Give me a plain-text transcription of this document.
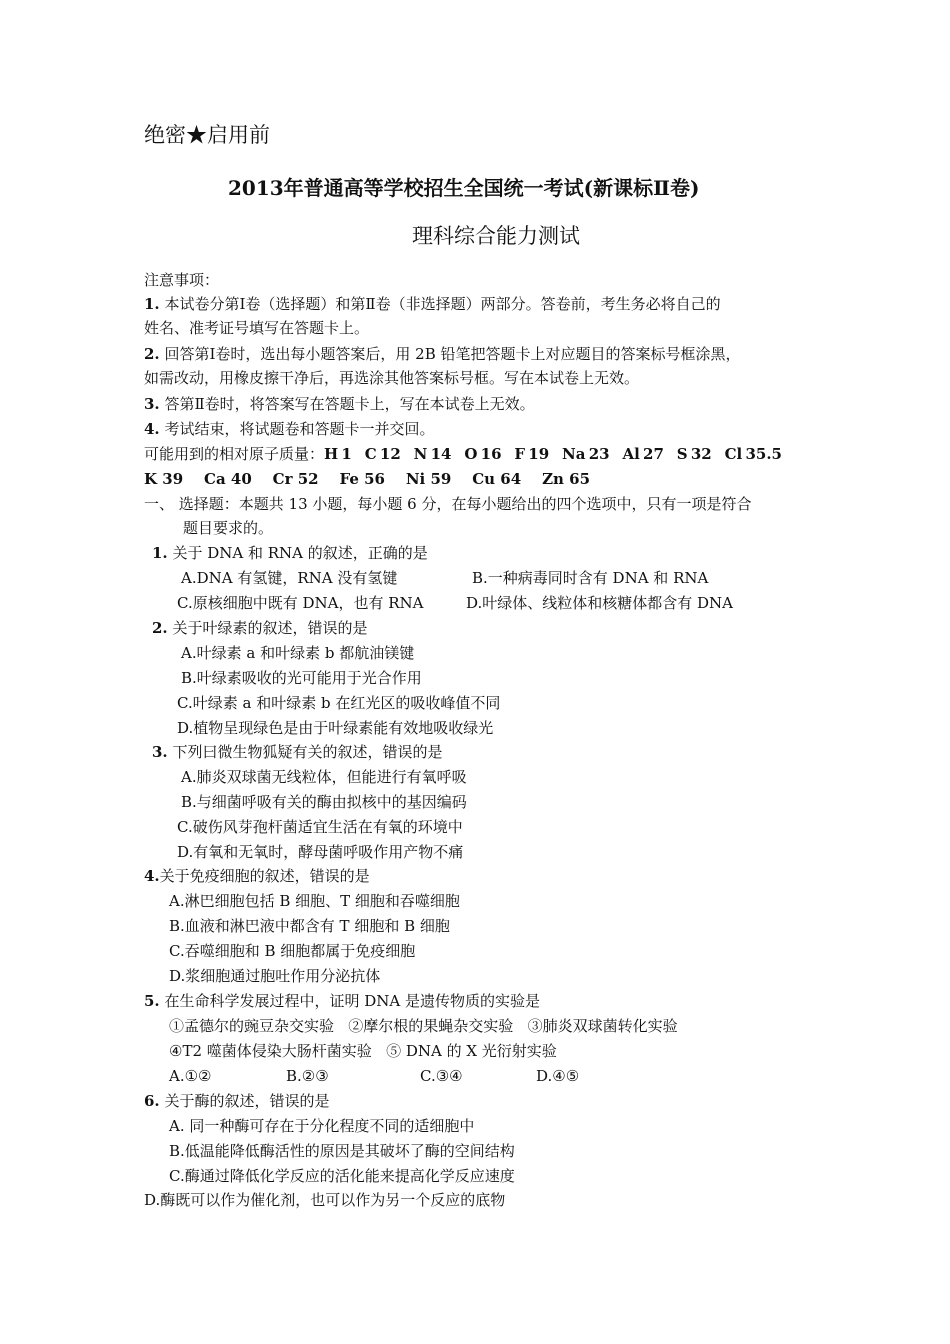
绝密★启用前
2013年普通高等学校招生全国统一考试(新课标Ⅱ卷)
理科综合能力测试
注意事项：
1. 本试卷分第Ⅰ卷（选择题）和第Ⅱ卷（非选择题）两部分。答卷前，考生务必将自己的
姓名、准考证号填写在答题卡上。
2. 回答第Ⅰ卷时，选出每小题答案后，用 2B 铅笔把答题卡上对应题目的答案标号框涂黑，
如需改动，用橡皮擦干净后，再选涂其他答案标号框。写在本试卷上无效。
3. 答第Ⅱ卷时，将答案写在答题卡上，写在本试卷上无效。
4. 考试结束，将试题卷和答题卡一并交回。
可能用到的相对原子质量：H 1    C 12    N 14    O 16    F 19    Na 23    Al 27    S 32    Cl 35.5
K 39    Ca 40    Cr 52    Fe 56    Ni 59    Cu 64    Zn 65
一、 选择题：本题共 13 小题，每小题 6 分，在每小题给出的四个选项中，只有一项是符合
题目要求的。
1. 关于 DNA 和 RNA 的叙述，正确的是
A.DNA 有氢键，RNA 没有氢键	B.一种病毒同时含有 DNA 和 RNA
C.原核细胞中既有 DNA，也有 RNA	D.叶绿体、线粒体和核糖体都含有 DNA
2. 关于叶绿素的叙述，错误的是
A.叶绿素 a 和叶绿素 b 都航油镁键
B.叶绿素吸收的光可能用于光合作用
C.叶绿素 a 和叶绿素 b 在红光区的吸收峰值不同
D.植物呈现绿色是由于叶绿素能有效地吸收绿光
3. 下列曰微生物狐疑有关的叙述，错误的是
A.肺炎双球菌无线粒体，但能进行有氧呼吸
B.与细菌呼吸有关的酶由拟核中的基因编码
C.破伤风芽孢杆菌适宜生活在有氧的环境中
D.有氧和无氧时，酵母菌呼吸作用产物不痛
4.关于免疫细胞的叙述，错误的是
A.淋巴细胞包括 B 细胞、T 细胞和吞噬细胞
B.血液和淋巴液中都含有 T 细胞和 B 细胞
C.吞噬细胞和 B 细胞都属于免疫细胞
D.浆细胞通过胞吐作用分泌抗体
5. 在生命科学发展过程中，证明 DNA 是遗传物质的实验是
①孟德尔的豌豆杂交实验   ②摩尔根的果蝇杂交实验   ③肺炎双球菌转化实验
④T2 噬菌体侵染大肠杆菌实验   ⑤ DNA 的 X 光衍射实验
A.①②	B.②③	C.③④	D.④⑤
6. 关于酶的叙述，错误的是
A. 同一种酶可存在于分化程度不同的适细胞中
B.低温能降低酶活性的原因是其破坏了酶的空间结构
C.酶通过降低化学反应的活化能来提高化学反应速度
D.酶既可以作为催化剂，也可以作为另一个反应的底物
